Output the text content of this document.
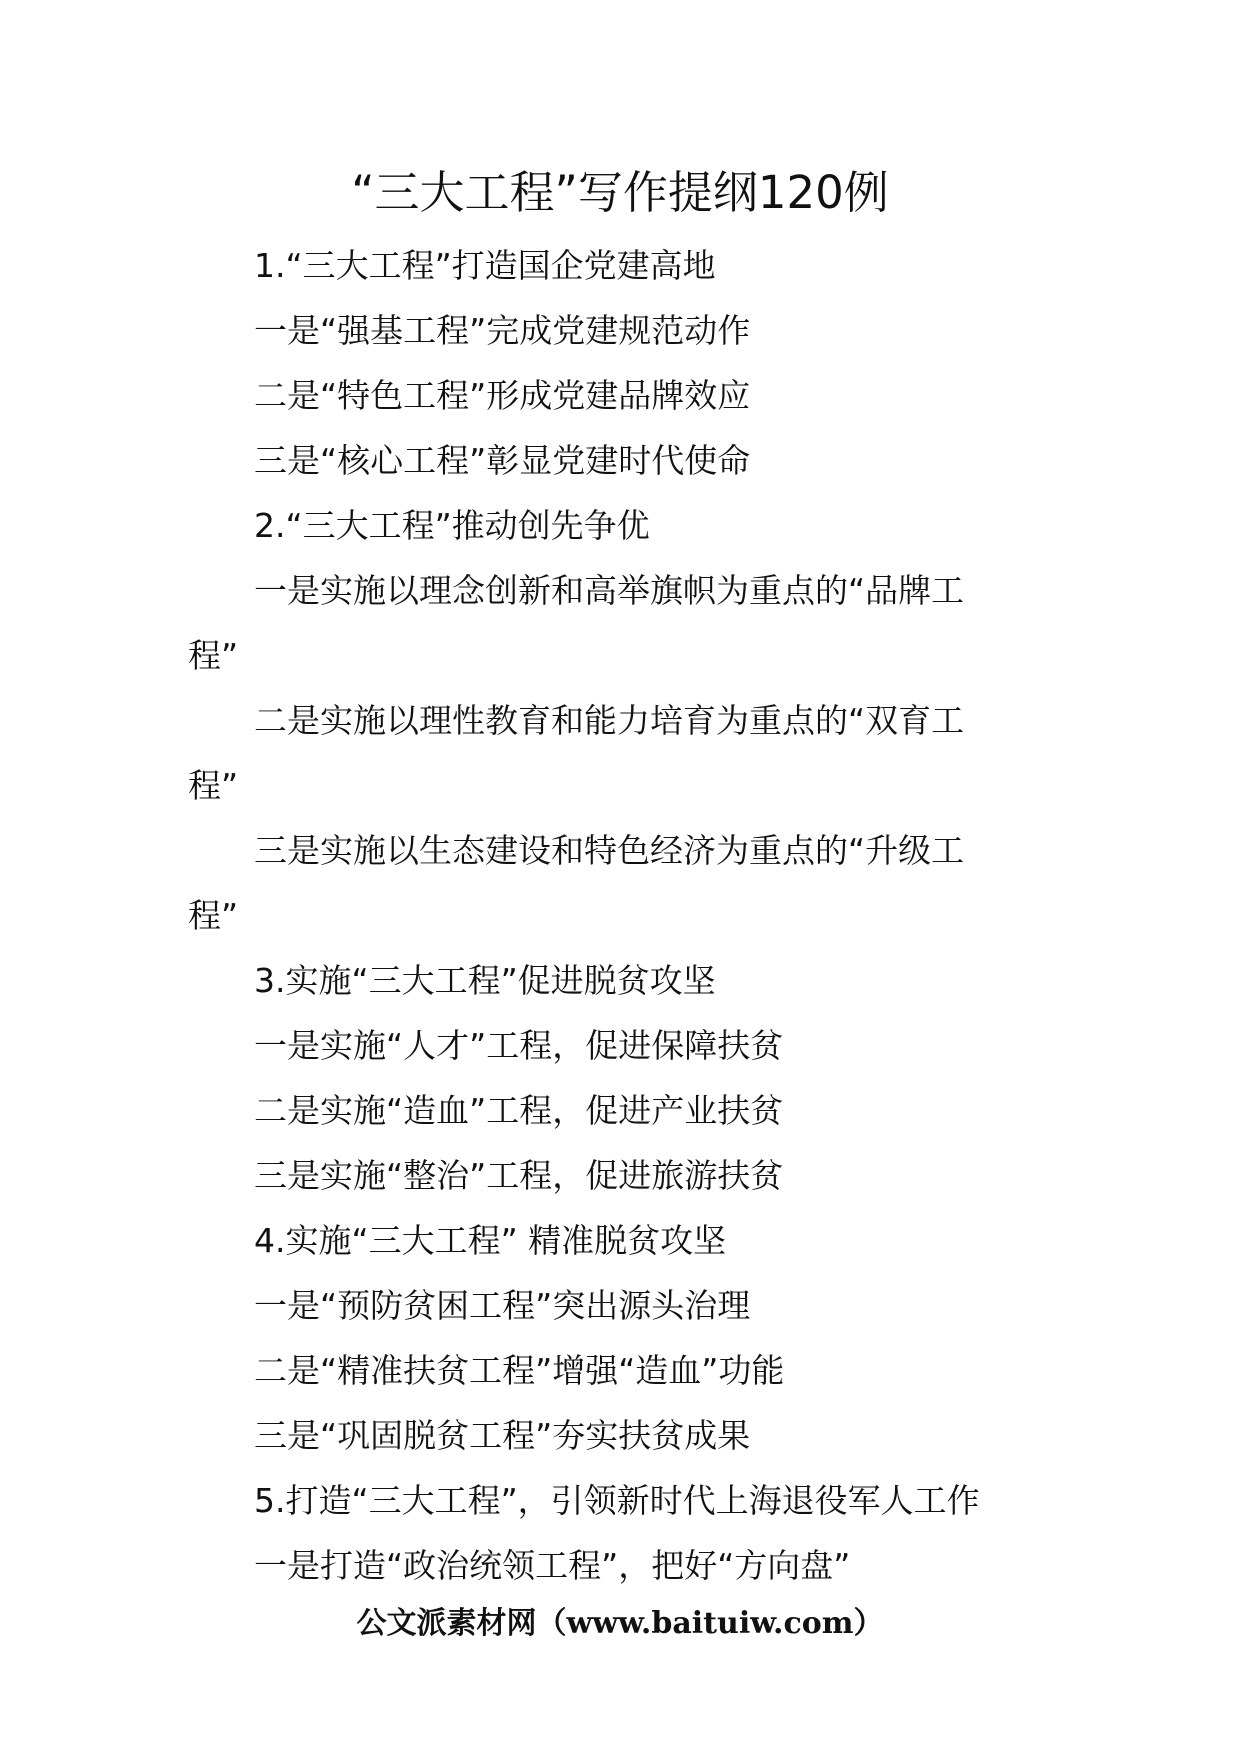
“三大工程”写作提纲120例
1.“三大工程”打造国企党建高地
一是“强基工程”完成党建规范动作
二是“特色工程”形成党建品牌效应
三是“核心工程”彰显党建时代使命
2.“三大工程”推动创先争优
一是实施以理念创新和高举旗帜为重点的“品牌工
程”
二是实施以理性教育和能力培育为重点的“双育工
程”
三是实施以生态建设和特色经济为重点的“升级工
程”
3.实施“三大工程”促进脱贫攻坚
一是实施“人才”工程，促进保障扶贫
二是实施“造血”工程，促进产业扶贫
三是实施“整治”工程，促进旅游扶贫
4.实施“三大工程” 精准脱贫攻坚
一是“预防贫困工程”突出源头治理
二是“精准扶贫工程”增强“造血”功能
三是“巩固脱贫工程”夯实扶贫成果
5.打造“三大工程”，引领新时代上海退役军人工作
一是打造“政治统领工程”，把好“方向盘”
公文派素材网（www.baituiw.com）
